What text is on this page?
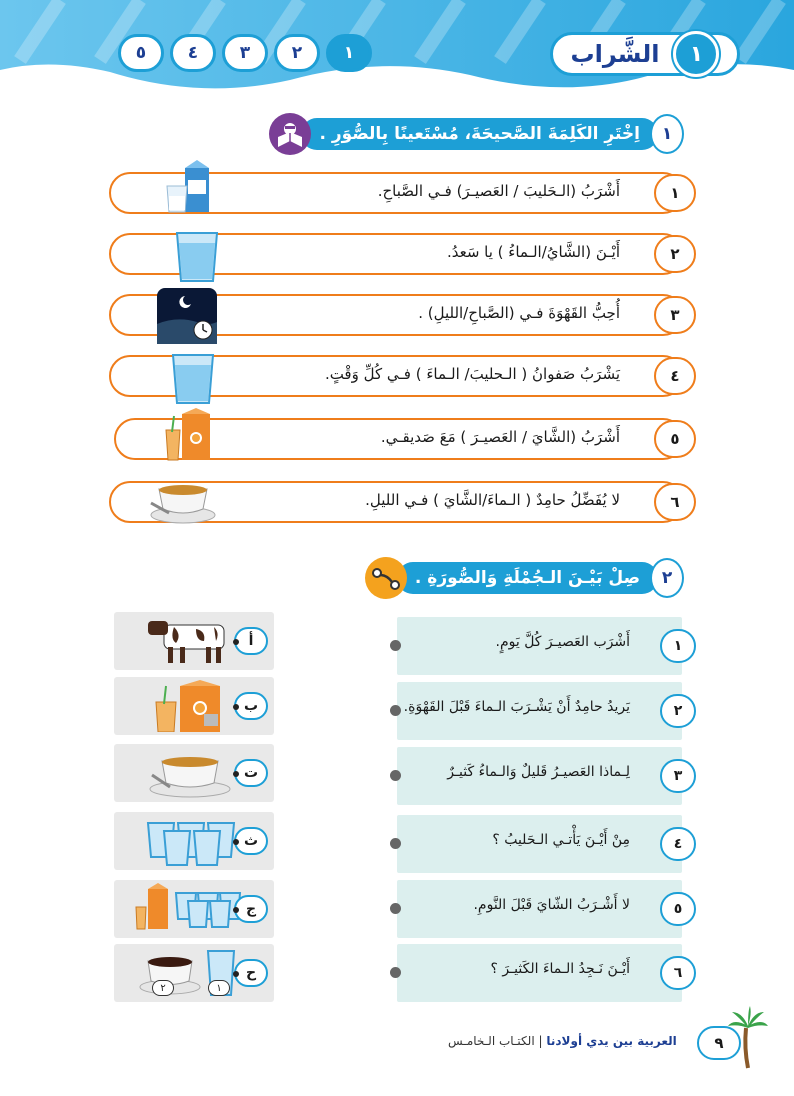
٥	٤	٣	٢	١	الشَّراب	١
١
اِخْتَرِ الكَلِمَةَ الصَّحيحَةَ، مُسْتَعينًا بِالصُّوَرِ .
أَشْرَبُ (الـحَليبَ / العَصيـرَ) فـي الصَّباحِ.	١
أَيْـنَ (الشَّايُ/الـماءُ ) يا سَعدُ.	٢
أُحِبُّ القَهْوَةَ فـي (الصَّباحِ/الليلِ) .	٣
يَشْرَبُ صَفوانُ ( الـحليبَ/ الـماءَ ) فـي كُلِّ وَقْتٍ.	٤
أَشْرَبُ (الشَّايَ / العَصيـرَ ) مَعَ صَديقـي.	٥
لا يُفَضِّلُ حامِدٌ ( الـماءَ/الشَّايَ ) فـي الليلِ.	٦
٢
صِلْ بَيْـنَ الـجُمْلَةِ وَالصُّورَةِ .
أَشْرَب العَصيـرَ كُلَّ يَومٍ.	١
يَريدُ حامِدٌ أَنْ يَشْـرَبَ الـماءَ قَبْلَ القَهْوَةِ.	٢
لِـماذا العَصيـرُ قَليلٌ وَالـماءُ كَثيـرٌ	٣
مِنْ أَيْـنَ يَأْتـي الـحَليبُ ؟	٤
لا أَشْـرَبُ الشّايَ قَبْلَ النَّومِ.	٥
أَيْـنَ نَـجِدُ الـماءَ الكَثيـرَ ؟	٦
أ
ب
ت
ث
ج
٢	١
ح
العربية بين يدي أولادنا | الكتـاب الـخامـس	٩
